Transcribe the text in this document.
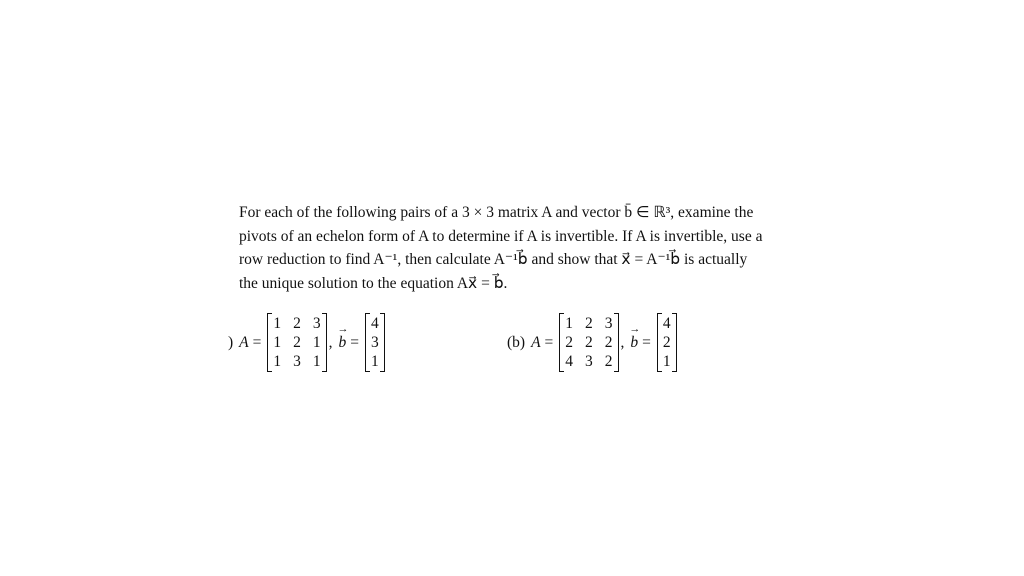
For each of the following pairs of a 3 × 3 matrix A and vector b̄ ∈ ℝ³, examine the
pivots of an echelon form of A to determine if A is invertible. If A is invertible, use a
row reduction to find A⁻¹, then calculate A⁻¹b⃗ and show that x⃗ = A⁻¹b⃗ is actually
the unique solution to the equation Ax⃗ = b⃗.
) A =
1 2 3
1 2 1
1 3 1
, → b =
4
3
1
(b) A =
1 2 3
2 2 2
4 3 2
, → b =
4
2
1
